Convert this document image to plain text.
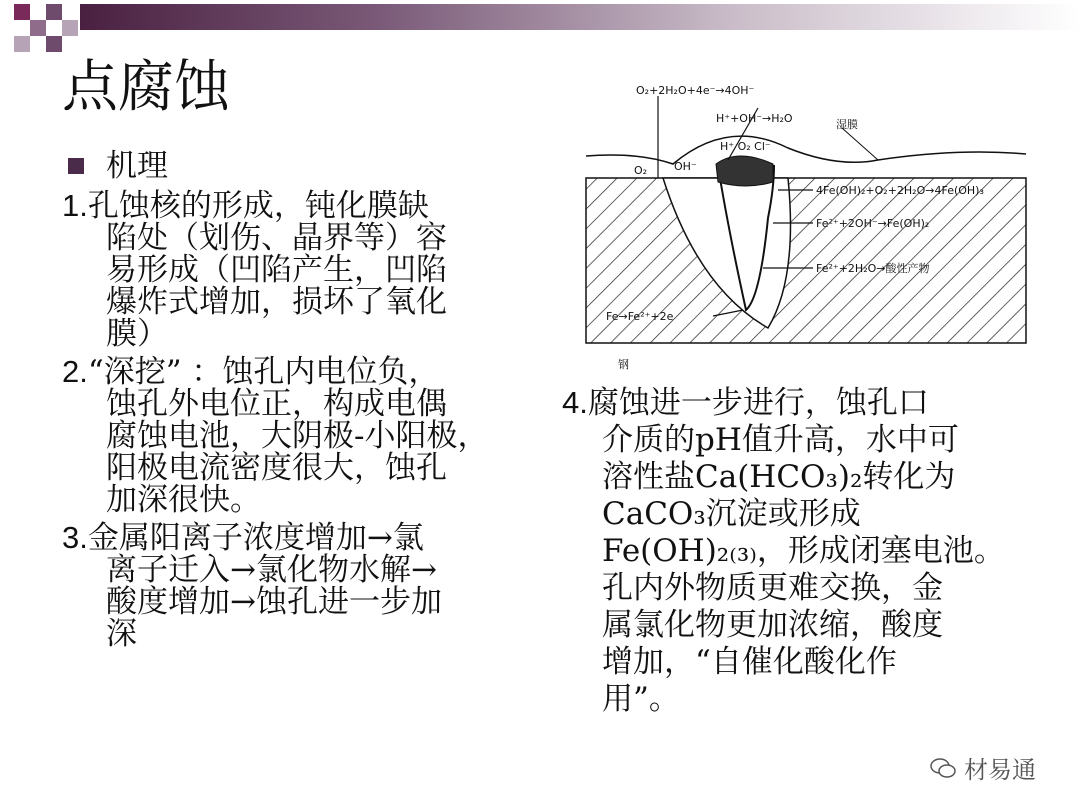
点腐蚀
机理
1.孔蚀核的形成，钝化膜缺
陷处（划伤、晶界等）容
易形成（凹陷产生，凹陷
爆炸式增加，损坏了氧化
膜）
2.“深挖” ：蚀孔内电位负，
蚀孔外电位正，构成电偶
腐蚀电池，大阴极-小阳极，
阳极电流密度很大，蚀孔
加深很快。
3.金属阳离子浓度增加→氯
离子迁入→氯化物水解→
酸度增加→蚀孔进一步加
深
O₂+2H₂O+4e⁻→4OH⁻
H⁺+OH⁻→H₂O	湿膜
H⁺ O₂ Cl⁻
O₂ OH⁻
4Fe(OH)₂+O₂+2H₂O→4Fe(OH)₃
Fe²⁺+2OH⁻→Fe(OH)₂
Fe²⁺+2H₂O→酸性产物
Fe→Fe²⁺+2e
钢
4.腐蚀进一步进行，蚀孔口
介质的pH值升高，水中可
溶性盐Ca(HCO₃)₂转化为
CaCO₃沉淀或形成
Fe(OH)₂₍₃₎，形成闭塞电池。
孔内外物质更难交换，金
属氯化物更加浓缩，酸度
增加，“自催化酸化作
用”。
材易通
